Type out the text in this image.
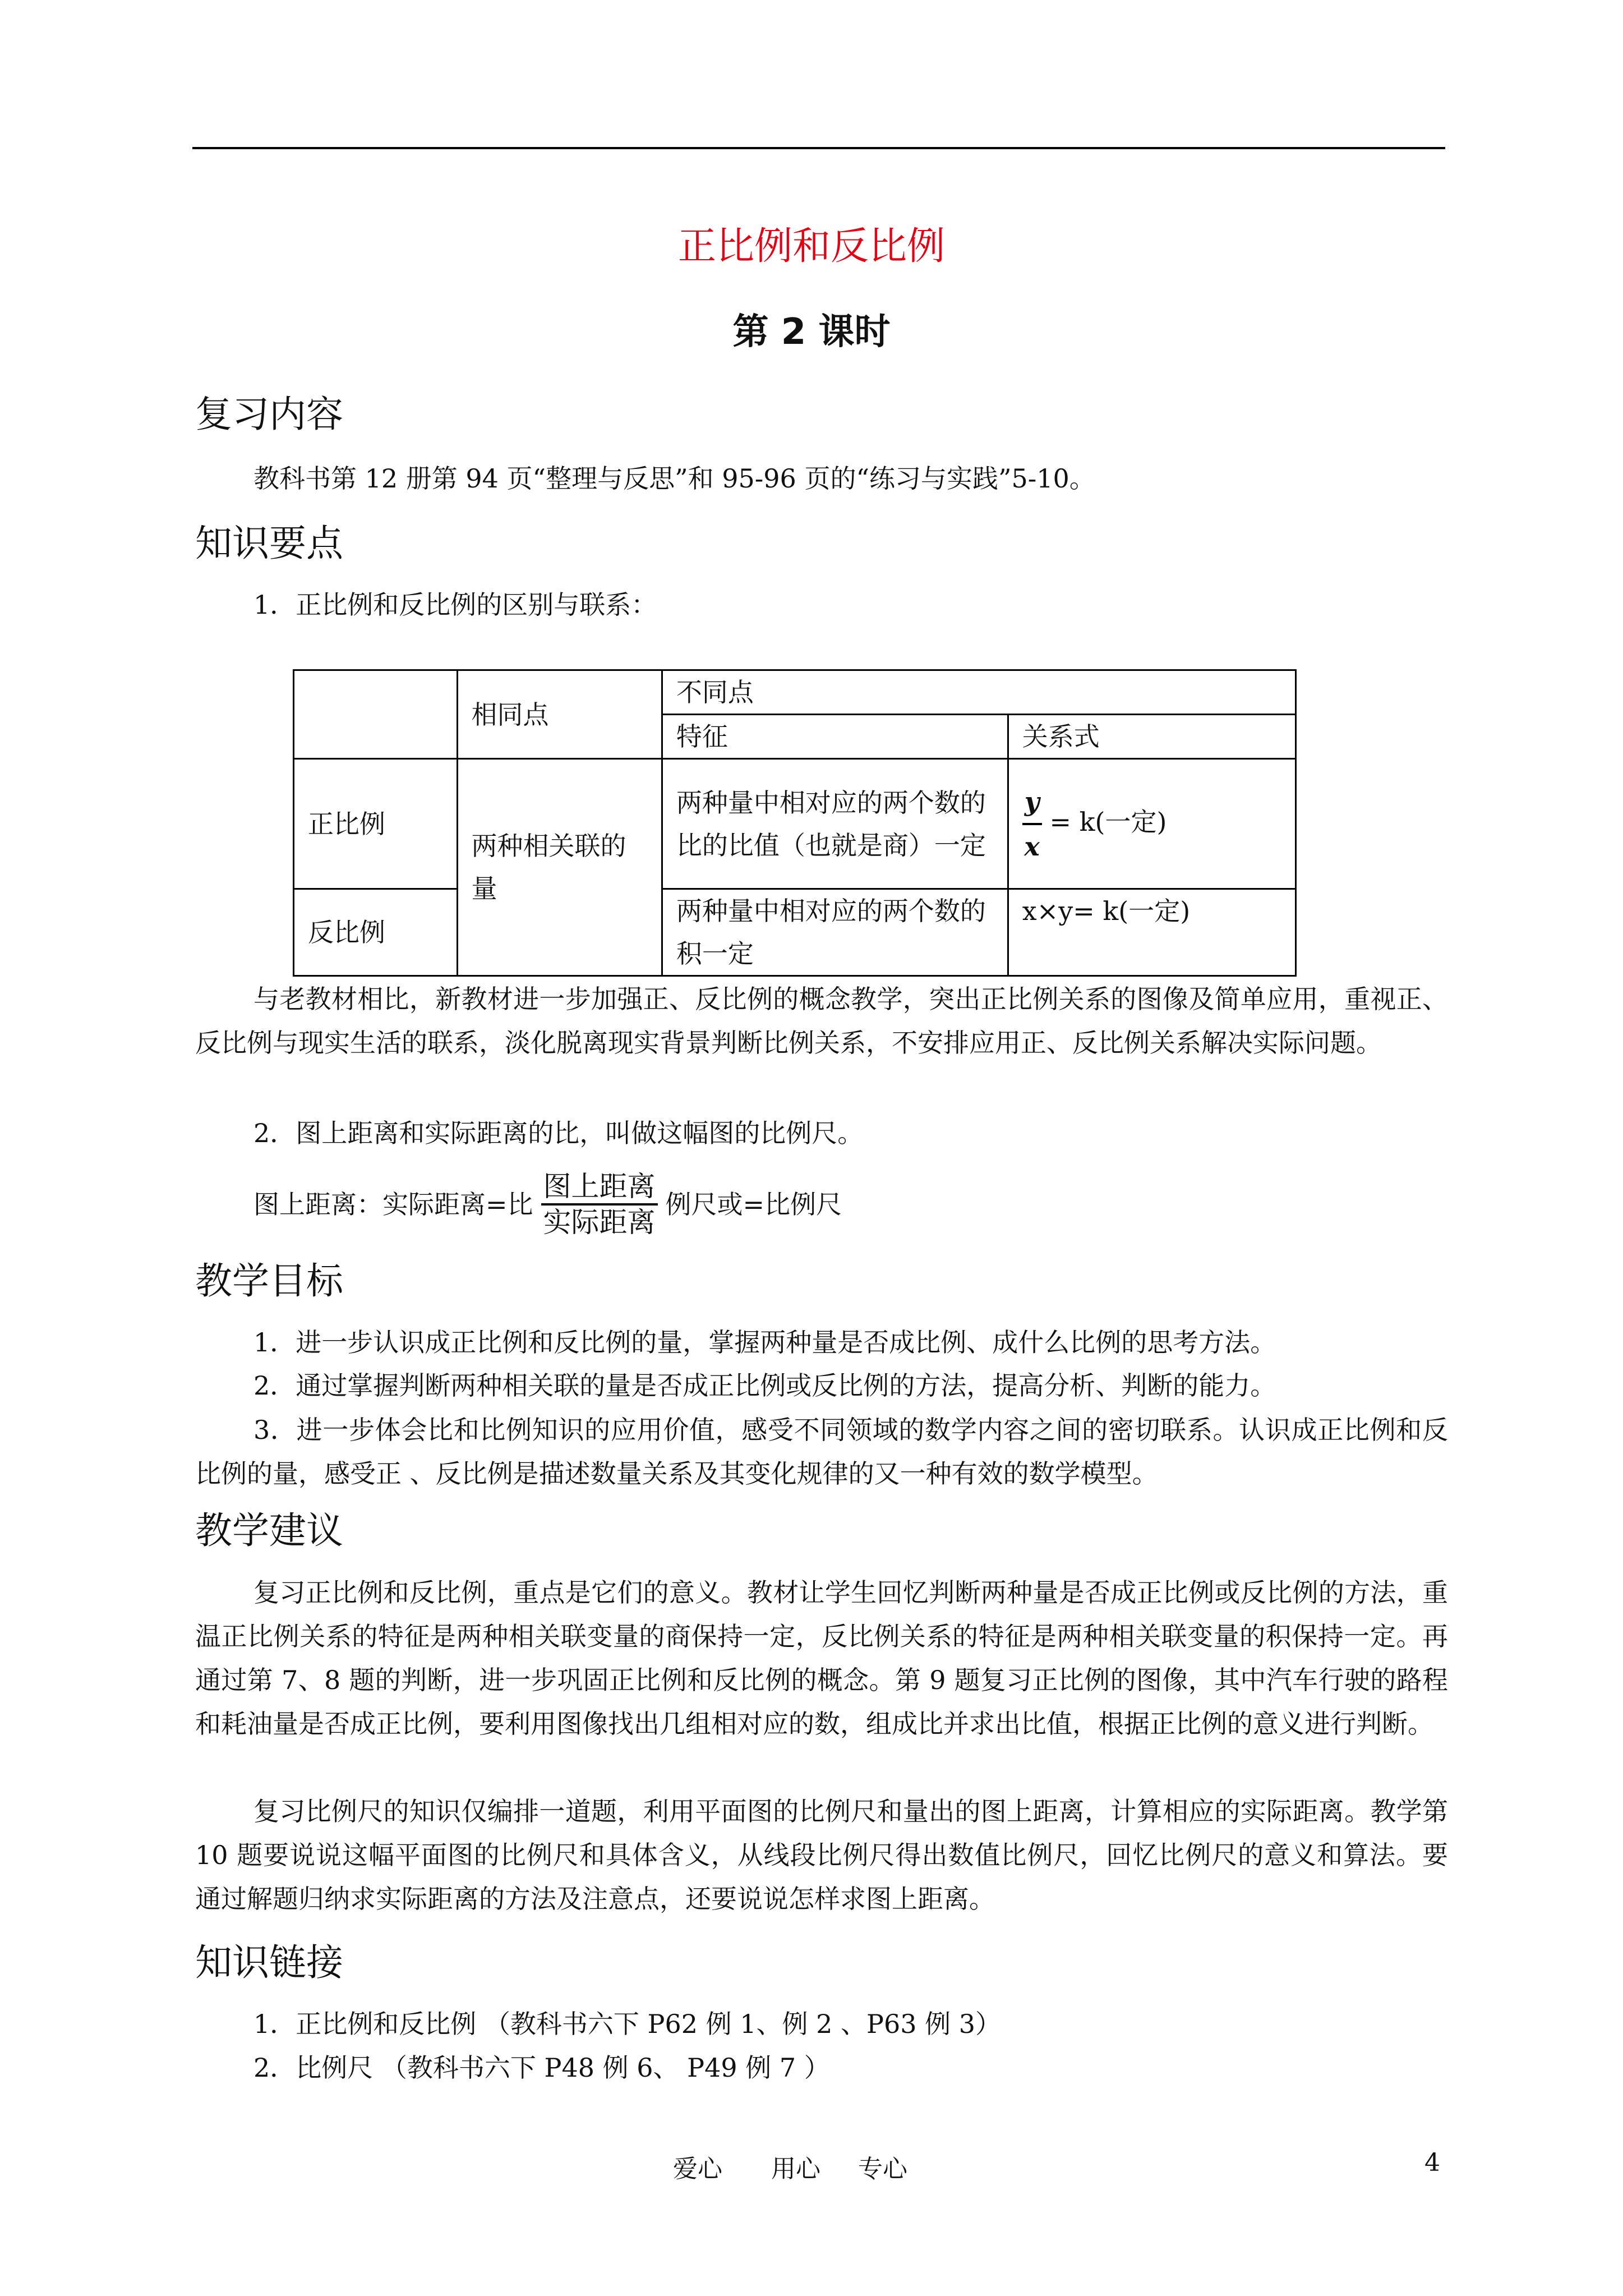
正比例和反比例
第 2 课时
复习内容
教科书第 12 册第 94 页“整理与反思”和 95-96 页的“练习与实践”5-10。
知识要点
1．正比例和反比例的区别与联系：
	相同点	不同点	
		特征	关系式
正比例	两种相关联的量	两种量中相对应的两个数的比的比值（也就是商）一定	$\frac{y}{x} = k$(一定)
反比例		两种量中相对应的两个数的积一定	x×y= k(一定)
与老教材相比，新教材进一步加强正、反比例的概念教学，突出正比例关系的图像及简单应用，重视正、反比例与现实生活的联系，淡化脱离现实背景判断比例关系，不安排应用正、反比例关系解决实际问题。
2．图上距离和实际距离的比，叫做这幅图的比例尺。
图上距离：实际距离=比 $\frac{\text{图上距离}}{\text{实际距离}}$ 例尺或=比例尺
教学目标
1．进一步认识成正比例和反比例的量，掌握两种量是否成比例、成什么比例的思考方法。
2．通过掌握判断两种相关联的量是否成正比例或反比例的方法，提高分析、判断的能力。
3．进一步体会比和比例知识的应用价值，感受不同领域的数学内容之间的密切联系。认识成正比例和反比例的量，感受正 、反比例是描述数量关系及其变化规律的又一种有效的数学模型。
教学建议
复习正比例和反比例，重点是它们的意义。教材让学生回忆判断两种量是否成正比例或反比例的方法，重温正比例关系的特征是两种相关联变量的商保持一定，反比例关系的特征是两种相关联变量的积保持一定。再通过第 7、8 题的判断，进一步巩固正比例和反比例的概念。第 9 题复习正比例的图像，其中汽车行驶的路程和耗油量是否成正比例，要利用图像找出几组相对应的数，组成比并求出比值，根据正比例的意义进行判断。
复习比例尺的知识仅编排一道题，利用平面图的比例尺和量出的图上距离，计算相应的实际距离。教学第 10 题要说说这幅平面图的比例尺和具体含义，从线段比例尺得出数值比例尺，回忆比例尺的意义和算法。要通过解题归纳求实际距离的方法及注意点，还要说说怎样求图上距离。
知识链接
1．正比例和反比例 （教科书六下 P62 例 1、例 2 、P63 例 3）
2．比例尺 （教科书六下 P48 例 6、 P49 例 7 ）
爱心 用心 专心	4
